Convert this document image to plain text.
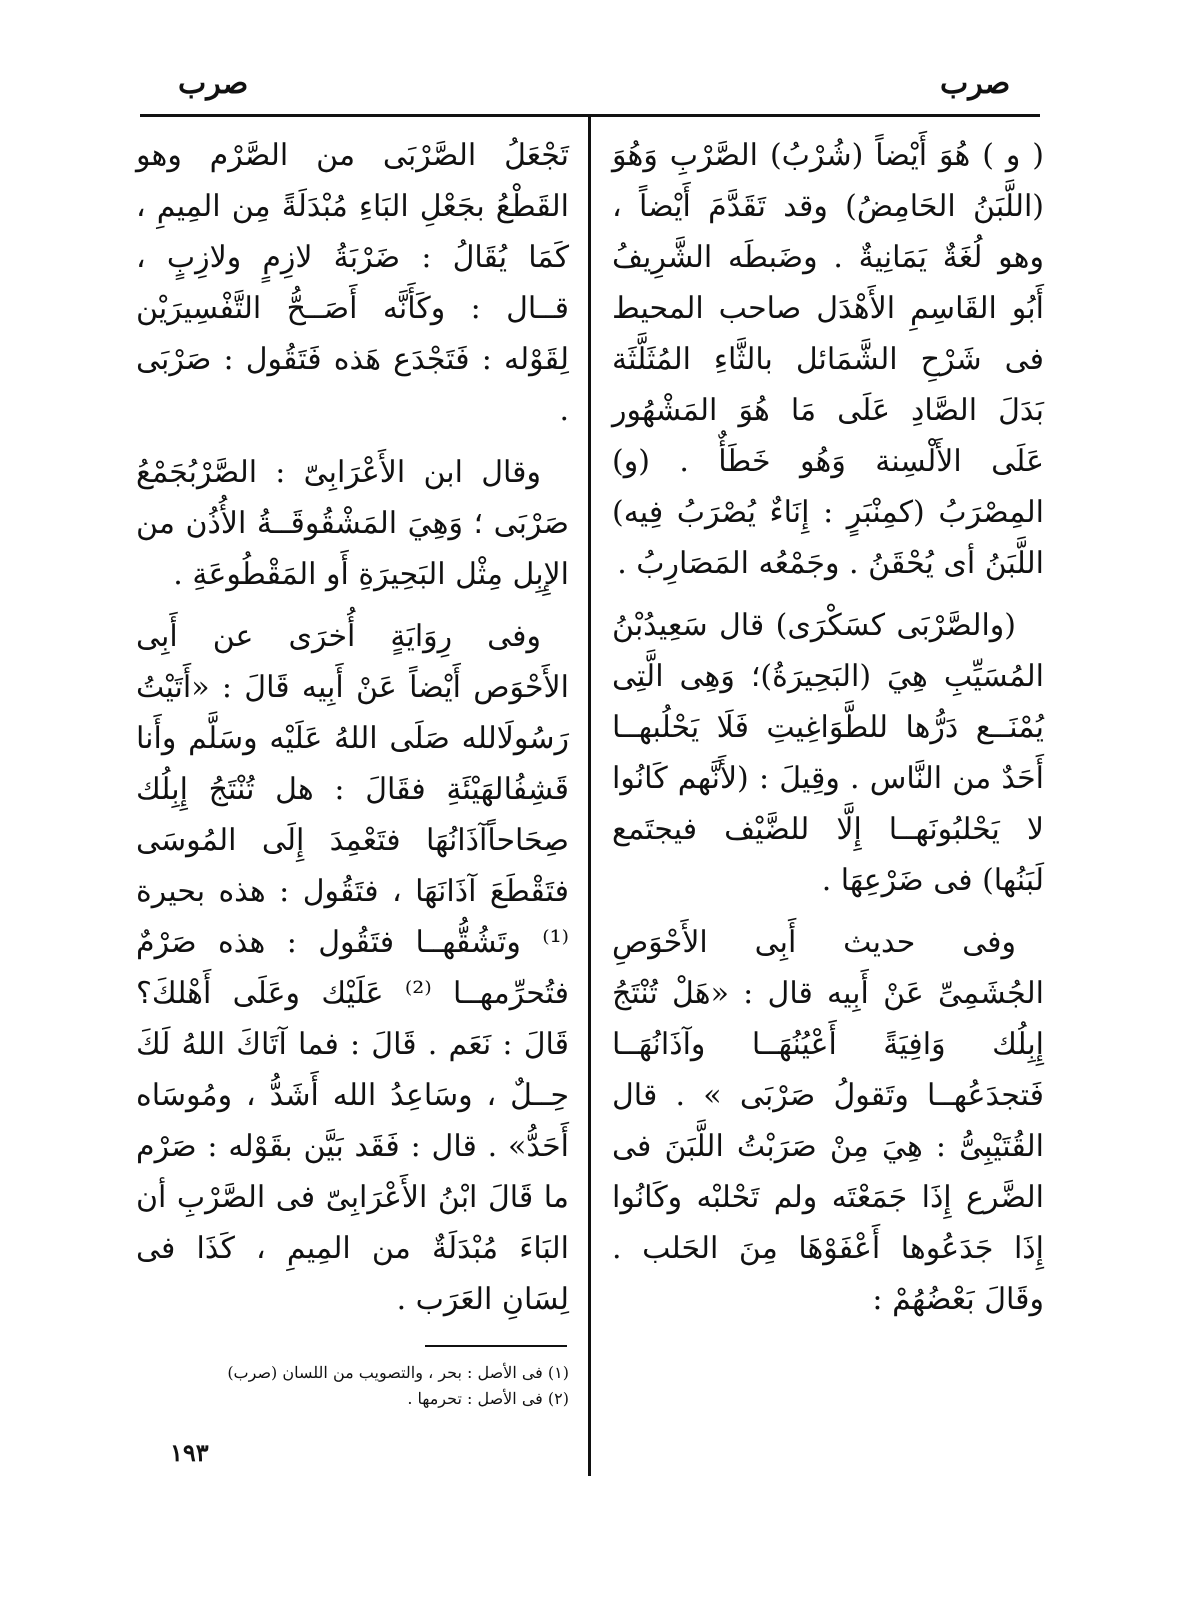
صرب

صرب

( و ) هُوَ أَيْضاً (شُرْبُ) الصَّرْبِ وَهُوَ (اللَّبَنُ الحَامِضُ) وقد تَقَدَّمَ أَيْضاً ، وهو لُغَةٌ يَمَانِيةٌ . وضَبطَه الشَّرِيفُ أَبُو القَاسِمِ الأَهْدَل صاحب المحيط فى شَرْحِ الشَّمَائل بالثَّاءِ المُثَلَّثَة بَدَلَ الصَّادِ عَلَى مَا هُوَ المَشْهُور عَلَى الأَلْسِنة وَهُو خَطَأٌ . (و) المِصْرَبُ (كمِنْبَرٍ : إِنَاءٌ يُصْرَبُ فِيه) اللَّبَنُ أى يُحْقَنُ . وجَمْعُه المَصَارِبُ .

(والصَّرْبَى كسَكْرَى) قال سَعِيدُبْنُ المُسَيِّبِ هِيَ (البَحِيرَةُ)؛ وَهِى الَّتِى يُمْنَــع دَرُّها للطَّوَاغِيتِ فَلَا يَحْلُبهــا أَحَدٌ من النَّاس . وقِيلَ : (لأَنَّهم كَانُوا لا يَحْلبُونَهــا إِلَّا للضَّيْف فيجتَمع لَبَنُها) فى ضَرْعِهَا .

وفى حديث أَبِى الأَحْوَصِ الجُشَمِىِّ عَنْ أَبِيه قال : «هَلْ تُنْتَجُ إِبِلُك وَافِيَةً أَعْيُنُهَــا وآذَانُهَــا فَتجدَعُهــا وتَقولُ صَرْبَى » . قال القُتَيْبِىُّ : هِيَ مِنْ صَرَبْتُ اللَّبَنَ فى الضَّرع إِذَا جَمَعْتَه ولم تَحْلبْه وكَانُوا إِذَا جَدَعُوها أَعْفَوْهَا مِنَ الحَلب . وقَالَ بَعْضُهُمْ :

تَجْعَلُ الصَّرْبَى من الصَّرْم وهو القَطْعُ بجَعْلِ البَاءِ مُبْدَلَةً مِن المِيمِ ، كَمَا يُقَالُ : ضَرْبَةُ لازِمٍ ولازِبٍ ، قــال : وكَأَنَّه أَصَــحُّ التَّفْسِيرَيْن لِقَوْله : فَتَجْدَع هَذه فَتَقُول : صَرْبَى .

وقال ابن الأَعْرَابِىّ : الصَّرْبُجَمْعُ صَرْبَى ؛ وَهِيَ المَشْقُوقَــةُ الأُذُن من الإِبِل مِثْل البَحِيرَةِ أَو المَقْطُوعَةِ .

وفى رِوَايَةٍ أُخرَى عن أَبِى الأَحْوَص أَيْضاً عَنْ أَبِيه قَالَ : «أَتَيْتُ رَسُولَالله صَلَى اللهُ عَلَيْه وسَلَّم وأَنا قَشِفُالهَيْئَةِ فقَالَ : هل تُنْتَجُ إِبِلُك صِحَاحاًآذَانُهَا فتَعْمِدَ إِلَى المُوسَى فتَقْطَعَ آذَانَهَا ، فتَقُول : هذه بحيرة ⁽¹⁾ وتَشُقُّهــا فتَقُول : هذه صَرْمٌ فتُحرِّمهــا ⁽²⁾ عَلَيْك وعَلَى أَهْلكَ؟ قَالَ : نَعَم . قَالَ : فما آتَاكَ اللهُ لَكَ حِــلٌ ، وسَاعِدُ الله أَشَدُّ ، ومُوسَاه أَحَدُّ» . قال : فَقَد بَيَّن بقَوْله : صَرْم ما قَالَ ابْنُ الأَعْرَابِىّ فى الصَّرْبِ أن البَاءَ مُبْدَلَةٌ من المِيمِ ، كَذَا فى لِسَانِ العَرَب .

(١) فى الأصل : بحر ، والتصويب من اللسان (صرب)

(٢) فى الأصل : تحرمها .

١٩٣
